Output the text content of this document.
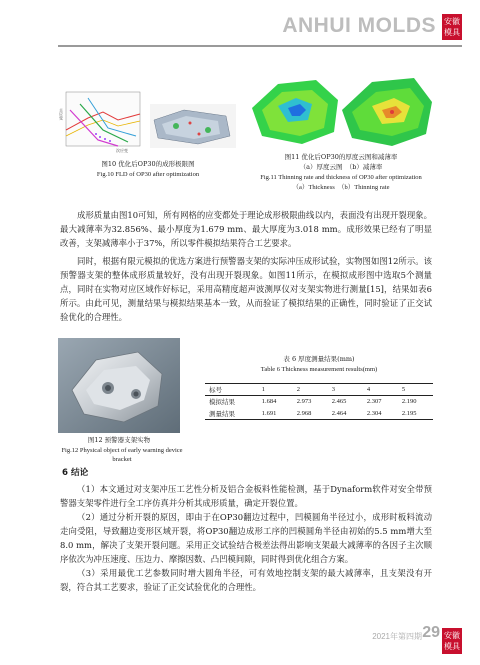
ANHUI MOLDS 安徽
模具
次应变
主应变
图10 优化后OP30的成形极限图
Fig.10 FLD of OP30 after optimization
图11 优化后OP30的厚度云图和减薄率
（a）厚度云图　（b）减薄率
Fig.11 Thinning rate and thickness of OP30 after optimization
（a）Thickness　（b）Thinning rate

成形质量由图10可知，所有网格的应变都处于理论成形极限曲线以内，表面没有出现开裂现象。最大减薄率为32.856%、最小厚度为1.679 mm、最大厚度为3.018 mm。成形效果已经有了明显改善，支架减薄率小于37%，所以零件模拟结果符合工艺要求。

同时，根据有限元模拟的优选方案进行预警器支架的实际冲压成形试验，实物图如图12所示。该预警器支架的整体成形质量较好，没有出现开裂现象。如图11所示，在模拟成形图中选取5个测量点，同时在实物对应区域作好标记，采用高精度超声波测厚仪对支架实物进行测量[15]，结果如表6所示。由此可见，测量结果与模拟结果基本一致，从而验证了模拟结果的正确性，同时验证了正交试验优化的合理性。

图12 预警器支架实物
Fig.12 Physical object of early warning device bracket
表 6 厚度测量结果(mm)
Table 6 Thickness measurement results(mm)
标号	1	2	3	4	5
模拟结果	1.684	2.973	2.465	2.307	2.190
测量结果	1.691	2.968	2.464	2.304	2.195
6 结论

（1）本文通过对支架冲压工艺性分析及铝合金板料性能检测，基于Dynaform软件对安全带预警器支架零件进行全工序仿真并分析其成形质量，确定开裂位置。

（2）通过分析开裂的原因，即由于在OP30翻边过程中，凹模圆角半径过小，成形时板料流动走向受阻，导致翻边变形区域开裂，将OP30翻边成形工序的凹模圆角半径由初始的5.5 mm增大至8.0 mm，解决了支架开裂问题。采用正交试验结合极差法得出影响支架最大减薄率的各因子主次顺序依次为冲压速度、压边力、摩擦因数、凸凹模间隙，同时得到优化组合方案。

（3）采用最优工艺参数同时增大圆角半径，可有效地控制支架的最大减薄率，且支架没有开裂，符合其工艺要求，验证了正交试验优化的合理性。

2021年第四期 29 安徽
模具
